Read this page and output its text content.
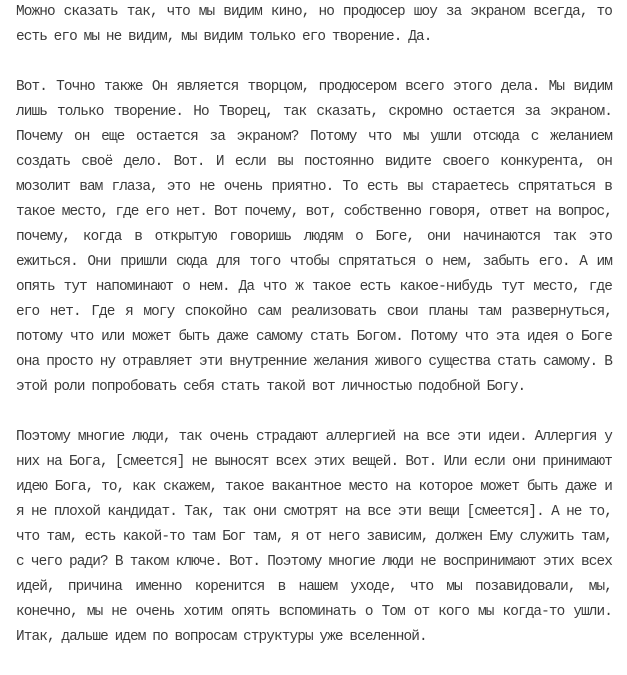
Можно сказать так, что мы видим кино, но продюсер шоу за экраном всегда, то есть его мы не видим, мы видим только его творение. Да.

Вот. Точно также Он является творцом, продюсером всего этого дела. Мы видим лишь только творение. Но Творец, так сказать, скромно остается за экраном. Почему он еще остается за экраном? Потому что мы ушли отсюда с желанием создать своё дело. Вот. И если вы постоянно видите своего конкурента, он мозолит вам глаза, это не очень приятно. То есть вы стараетесь спрятаться в такое место, где его нет. Вот почему, вот, собственно говоря, ответ на вопрос, почему, когда в открытую говоришь людям о Боге, они начинаются так это ежиться. Они пришли сюда для того чтобы спрятаться о нем, забыть его. А им опять тут напоминают о нем. Да что ж такое есть какое-нибудь тут место, где его нет. Где я могу спокойно сам реализовать свои планы там развернуться, потому что или может быть даже самому стать Богом. Потому что эта идея о Боге она просто ну отравляет эти внутренние желания живого существа стать самому. В этой роли попробовать себя стать такой вот личностью подобной Богу.

Поэтому многие люди, так очень страдают аллергией на все эти идеи. Аллергия у них на Бога, [смеется] не выносят всех этих вещей. Вот. Или если они принимают идею Бога, то, как скажем, такое вакантное место на которое может быть даже и я не плохой кандидат. Так, так они смотрят на все эти вещи [смеется]. А не то, что там, есть какой-то там Бог там, я от него зависим, должен Ему служить там, с чего ради? В таком ключе. Вот. Поэтому многие люди не воспринимают этих всех идей, причина именно коренится в нашем уходе, что мы позавидовали, мы, конечно, мы не очень хотим опять вспоминать о Том от кого мы когда-то ушли. Итак, дальше идем по вопросам структуры уже вселенной.
